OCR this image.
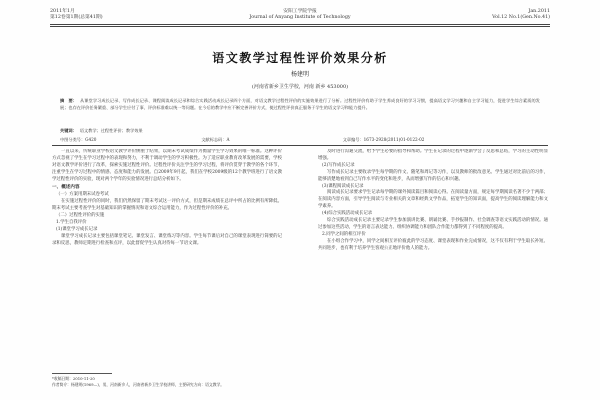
2011年1月
第12卷第1期(总第41期)
安阳工学院学报
Journal of Anyang Institute of Technology
Jan.2011
Vol.12 No.1(Gen.No.41)
语文教学过程性评价效果分析
杨建明
(河南省新乡卫生学校，河南 新乡 453000)
摘　要： 从课堂学习成长记录、写作成长记录、课程阅读成长记录和综合实践活动成长记录四个方面，对语文教学过程性评价的实施效果进行了分析。过程性评价有助于学生养成良好的学习习惯，提高语文学习兴趣和自主学习能力，促进学生综合素质的发展；也存在评价任务繁重、部分学生应付了事、评价标准难以统一等问题。在今后的教学中应不断完善评价方式，使过程性评价真正服务于学生的语文学习和能力提升。
关键词： 语文教学；过程性评价；教学效果
中图分类号：G420	文献标志码：A	文章编号：1673-2928(2011)01-0122-02

一直以来，传统职业学校语文教学评价侧重于结果，以期末考试成绩作为衡量学生学习效果的唯一标准。这种评价方式忽视了学生在学习过程中的表现和努力，不利于调动学生的学习积极性。为了适应职业教育改革发展的需要，学校对语文教学评价进行了改革，探索实施过程性评价。过程性评价关注学生的学习过程，将评价贯穿于教学的各个环节，注重学生在学习过程中的情感、态度和能力的发展。自2009年9月起，我们在学校2009级的12个教学班进行了语文教学过程性评价的实验，现对两个学年的实验情况进行总结分析如下。

一、概述内容
（一）方案用期末试卷考试

在实施过程性评价的同时，我们仍然保留了期末考试这一评价方式，但是期末成绩在总评中所占的比例有所降低。期末考试主要考查学生对基础知识的掌握情况和语文综合运用能力，作为过程性评价的补充。

（二）过程性评价的实施
1.学生自我评价
(1)课堂学习成长记录

课堂学习成长记录主要包括课堂笔记、课堂发言、课堂练习等内容。学生每节课后对自己的课堂表现进行简要的记录和反思，教师定期进行检查和点评，以此督促学生认真对待每一节语文课。

及时进行沟通交流，给予学生必要的指导和帮助。学生在记录的过程中逐渐学会了反思和总结，学习的主动性明显增强。

(2)写作成长记录

写作成长记录主要收录学生每学期的作文、随笔和周记等习作，以及教师的批改意见。学生通过对比前后的习作，能够清楚地看到自己写作水平的变化和进步，从而增强写作的信心和兴趣。

(3)课程阅读成长记录

阅读成长记录要求学生记录每学期的课外阅读篇目和阅读心得。在阅读量方面，规定每学期阅读名著不少于两部；在阅读内容方面，引导学生阅读与专业相关的文章和经典文学作品，拓宽学生的知识面，提高学生的阅读理解能力和文学素养。

(4)综合实践活动成长记录

综合实践活动成长记录主要记录学生参加演讲比赛、朗诵比赛、手抄报制作、社会调查等语文实践活动的情况。通过参加这些活动，学生的语言表达能力、组织协调能力和团队合作能力都得到了不同程度的提高。

2.同学之间的相互评价

在小组合作学习中，同学之间相互评价彼此的学习态度、课堂表现和作业完成情况，这不仅有利于学生取长补短、共同进步，也有利于培养学生客观公正地评价他人的能力。

*收稿日期：2010-11-20
作者简介：杨建明(1969—)，男，河南新乡人，河南省新乡卫生学校讲师，主要研究方向：语文教学。
